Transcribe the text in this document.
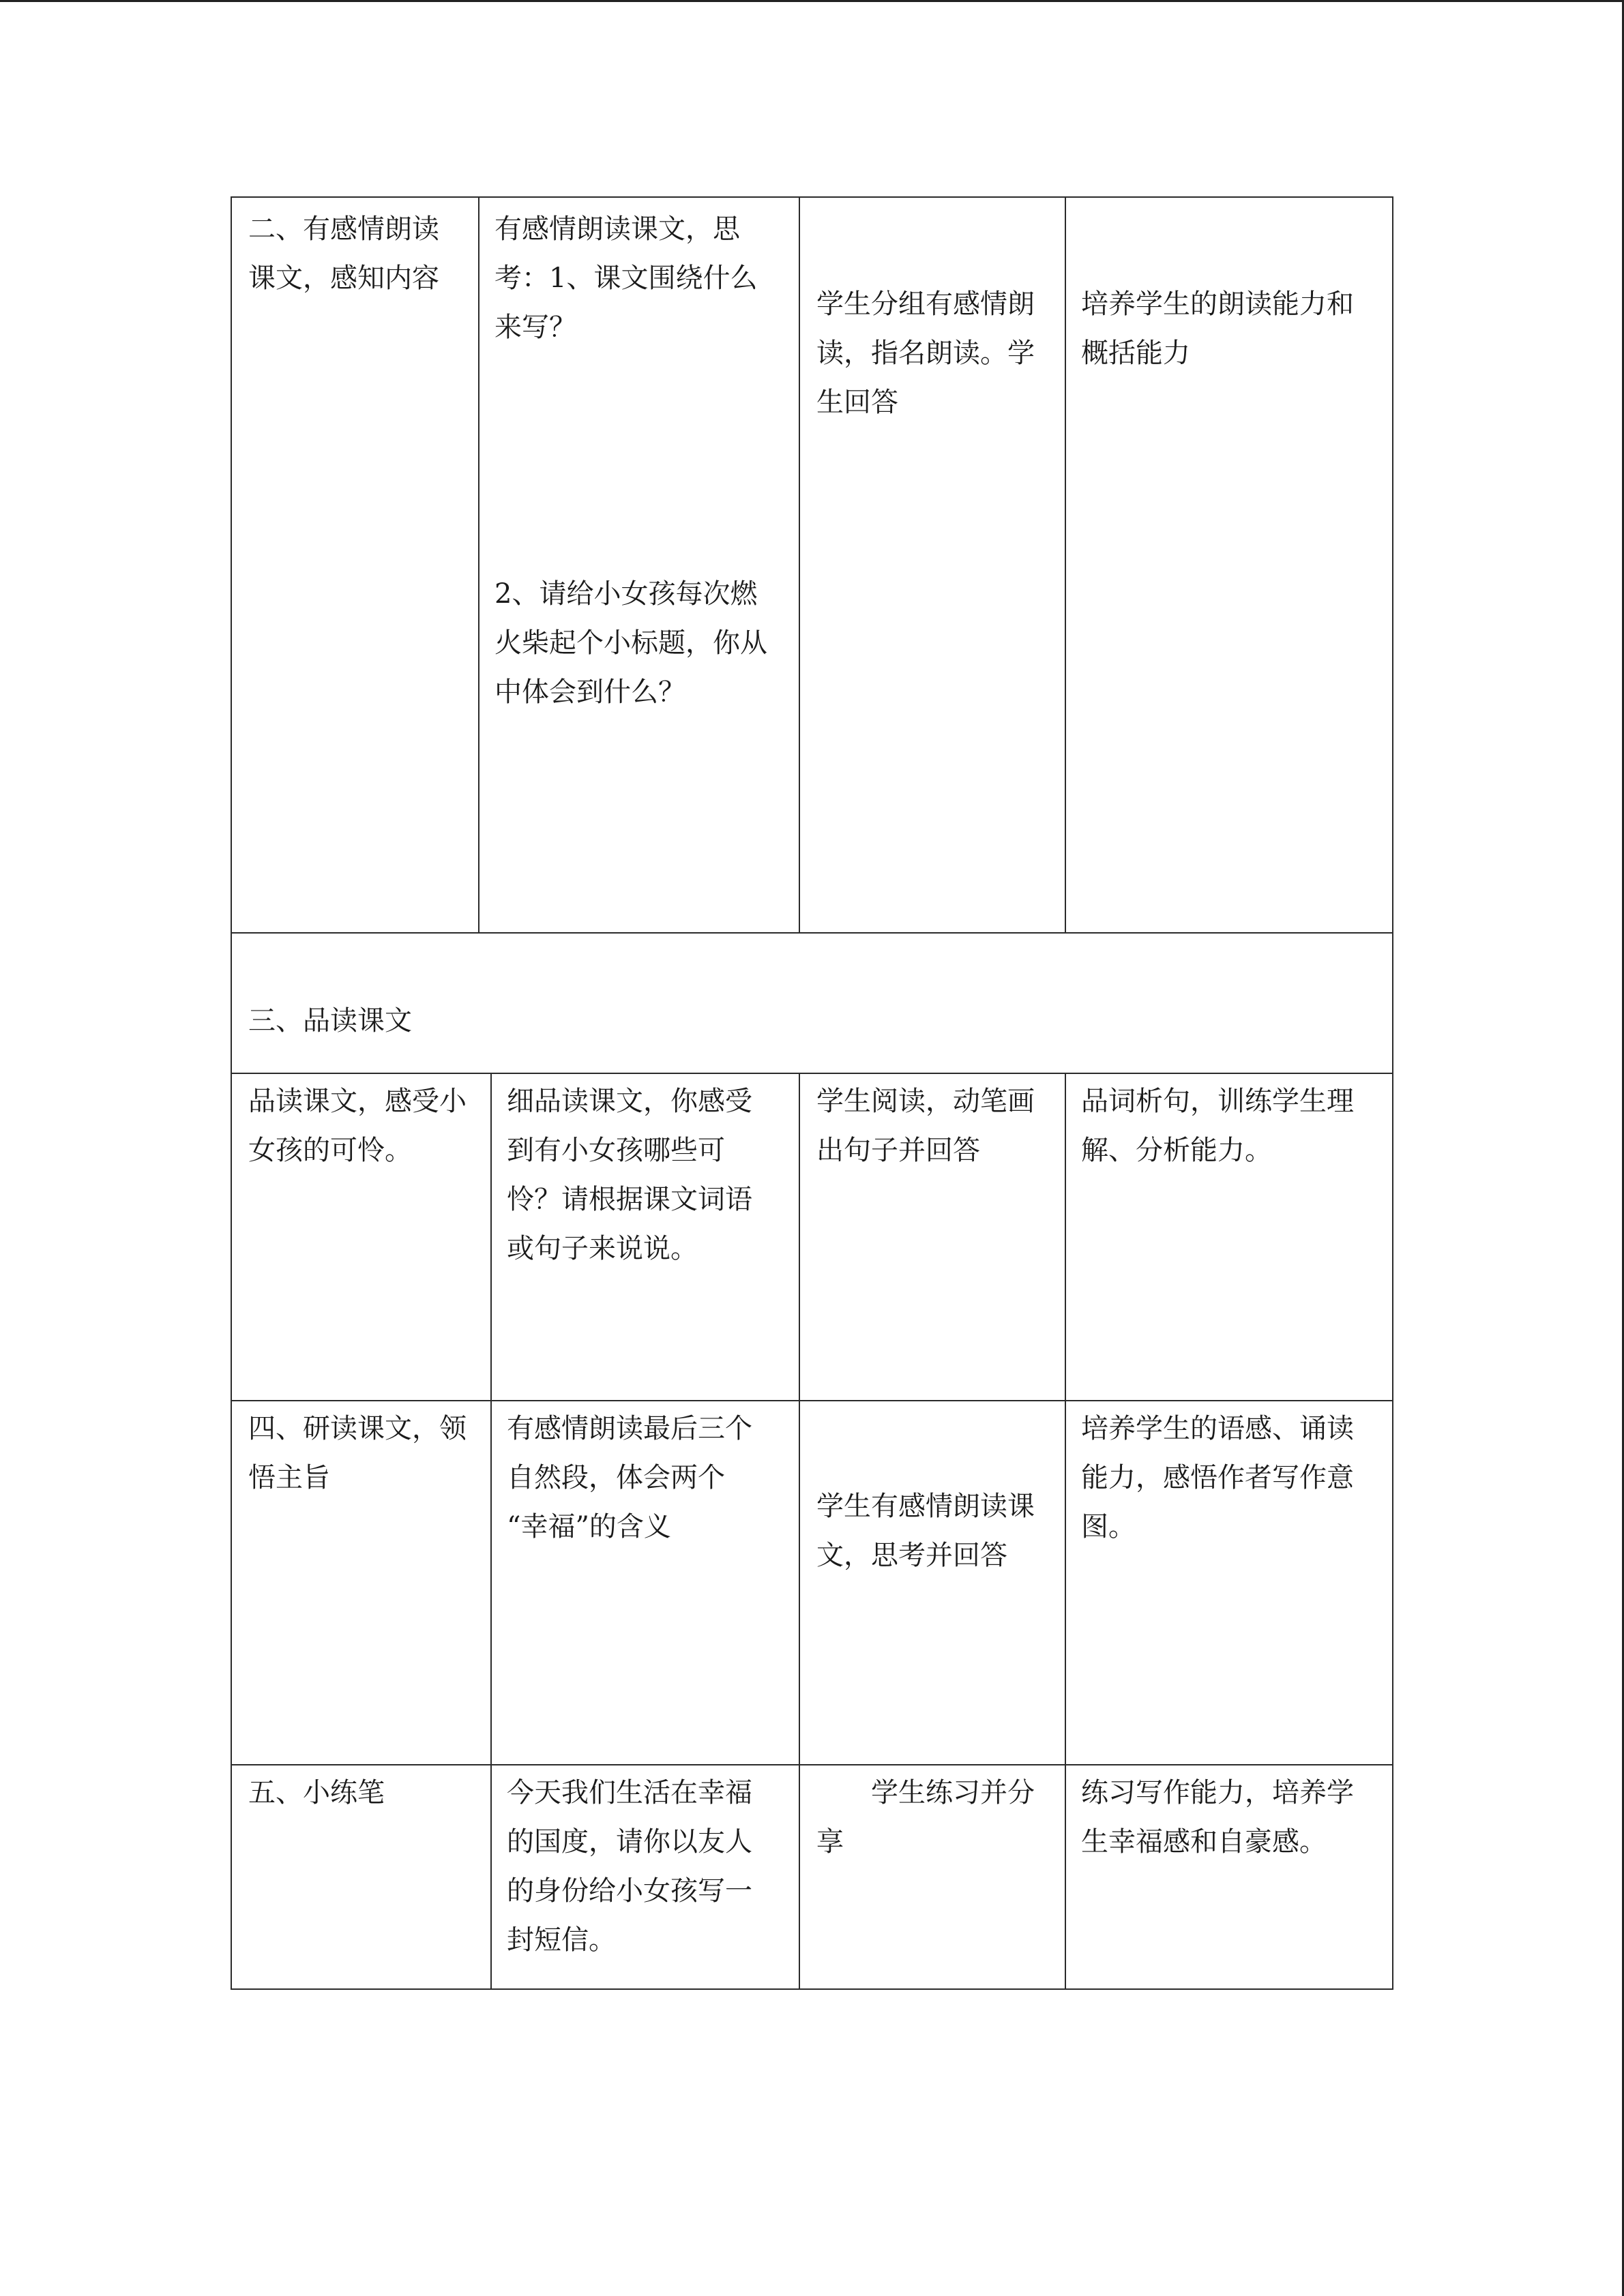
二、有感情朗读
课文，感知内容
有感情朗读课文，思
考：1、课文围绕什么
来写？
2、请给小女孩每次燃
火柴起个小标题，你从
中体会到什么？
学生分组有感情朗
读，指名朗读。学
生回答
培养学生的朗读能力和
概括能力
三、品读课文
品读课文，感受小
女孩的可怜。
细品读课文，你感受
到有小女孩哪些可
怜？请根据课文词语
或句子来说说。
学生阅读，动笔画
出句子并回答
品词析句，训练学生理
解、分析能力。
四、研读课文，领
悟主旨
有感情朗读最后三个
自然段，体会两个
“幸福”的含义
学生有感情朗读课
文，思考并回答
培养学生的语感、诵读
能力，感悟作者写作意
图。
五、小练笔	今天我们生活在幸福
的国度，请你以友人
的身份给小女孩写一
封短信。
学生练习并分
享
练习写作能力，培养学
生幸福感和自豪感。
